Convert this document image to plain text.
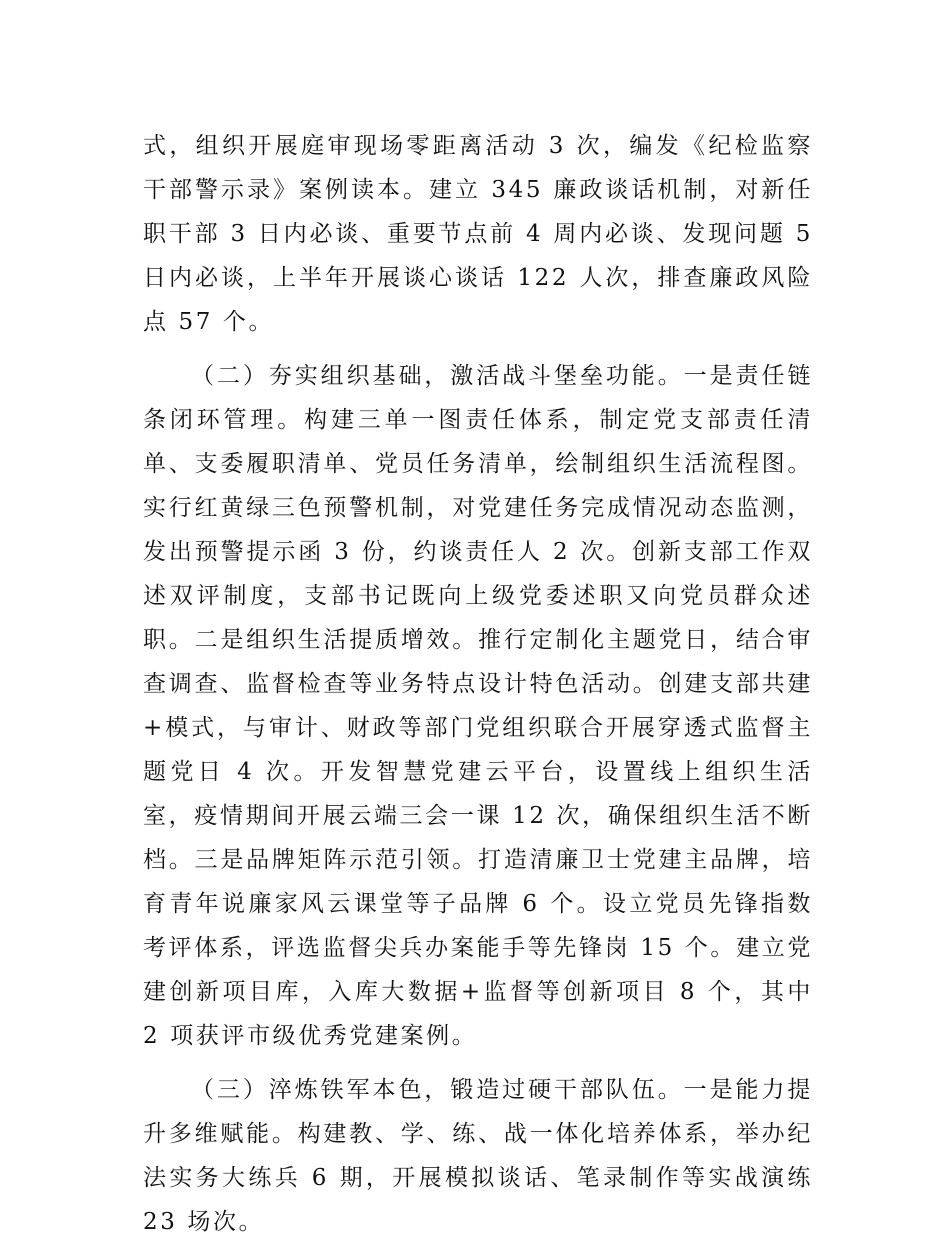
式，组织开展庭审现场零距离活动 3 次，编发《纪检监察干部警示录》案例读本。建立 345 廉政谈话机制，对新任职干部 3 日内必谈、重要节点前 4 周内必谈、发现问题 5 日内必谈，上半年开展谈心谈话 122 人次，排查廉政风险点 57 个。

（二）夯实组织基础，激活战斗堡垒功能。一是责任链条闭环管理。构建三单一图责任体系，制定党支部责任清单、支委履职清单、党员任务清单，绘制组织生活流程图。实行红黄绿三色预警机制，对党建任务完成情况动态监测，发出预警提示函 3 份，约谈责任人 2 次。创新支部工作双述双评制度，支部书记既向上级党委述职又向党员群众述职。二是组织生活提质增效。推行定制化主题党日，结合审查调查、监督检查等业务特点设计特色活动。创建支部共建+模式，与审计、财政等部门党组织联合开展穿透式监督主题党日 4 次。开发智慧党建云平台，设置线上组织生活室，疫情期间开展云端三会一课 12 次，确保组织生活不断档。三是品牌矩阵示范引领。打造清廉卫士党建主品牌，培育青年说廉家风云课堂等子品牌 6 个。设立党员先锋指数考评体系，评选监督尖兵办案能手等先锋岗 15 个。建立党建创新项目库，入库大数据+监督等创新项目 8 个，其中 2 项获评市级优秀党建案例。

（三）淬炼铁军本色，锻造过硬干部队伍。一是能力提升多维赋能。构建教、学、练、战一体化培养体系，举办纪法实务大练兵 6 期，开展模拟谈话、笔录制作等实战演练 23 场次。
